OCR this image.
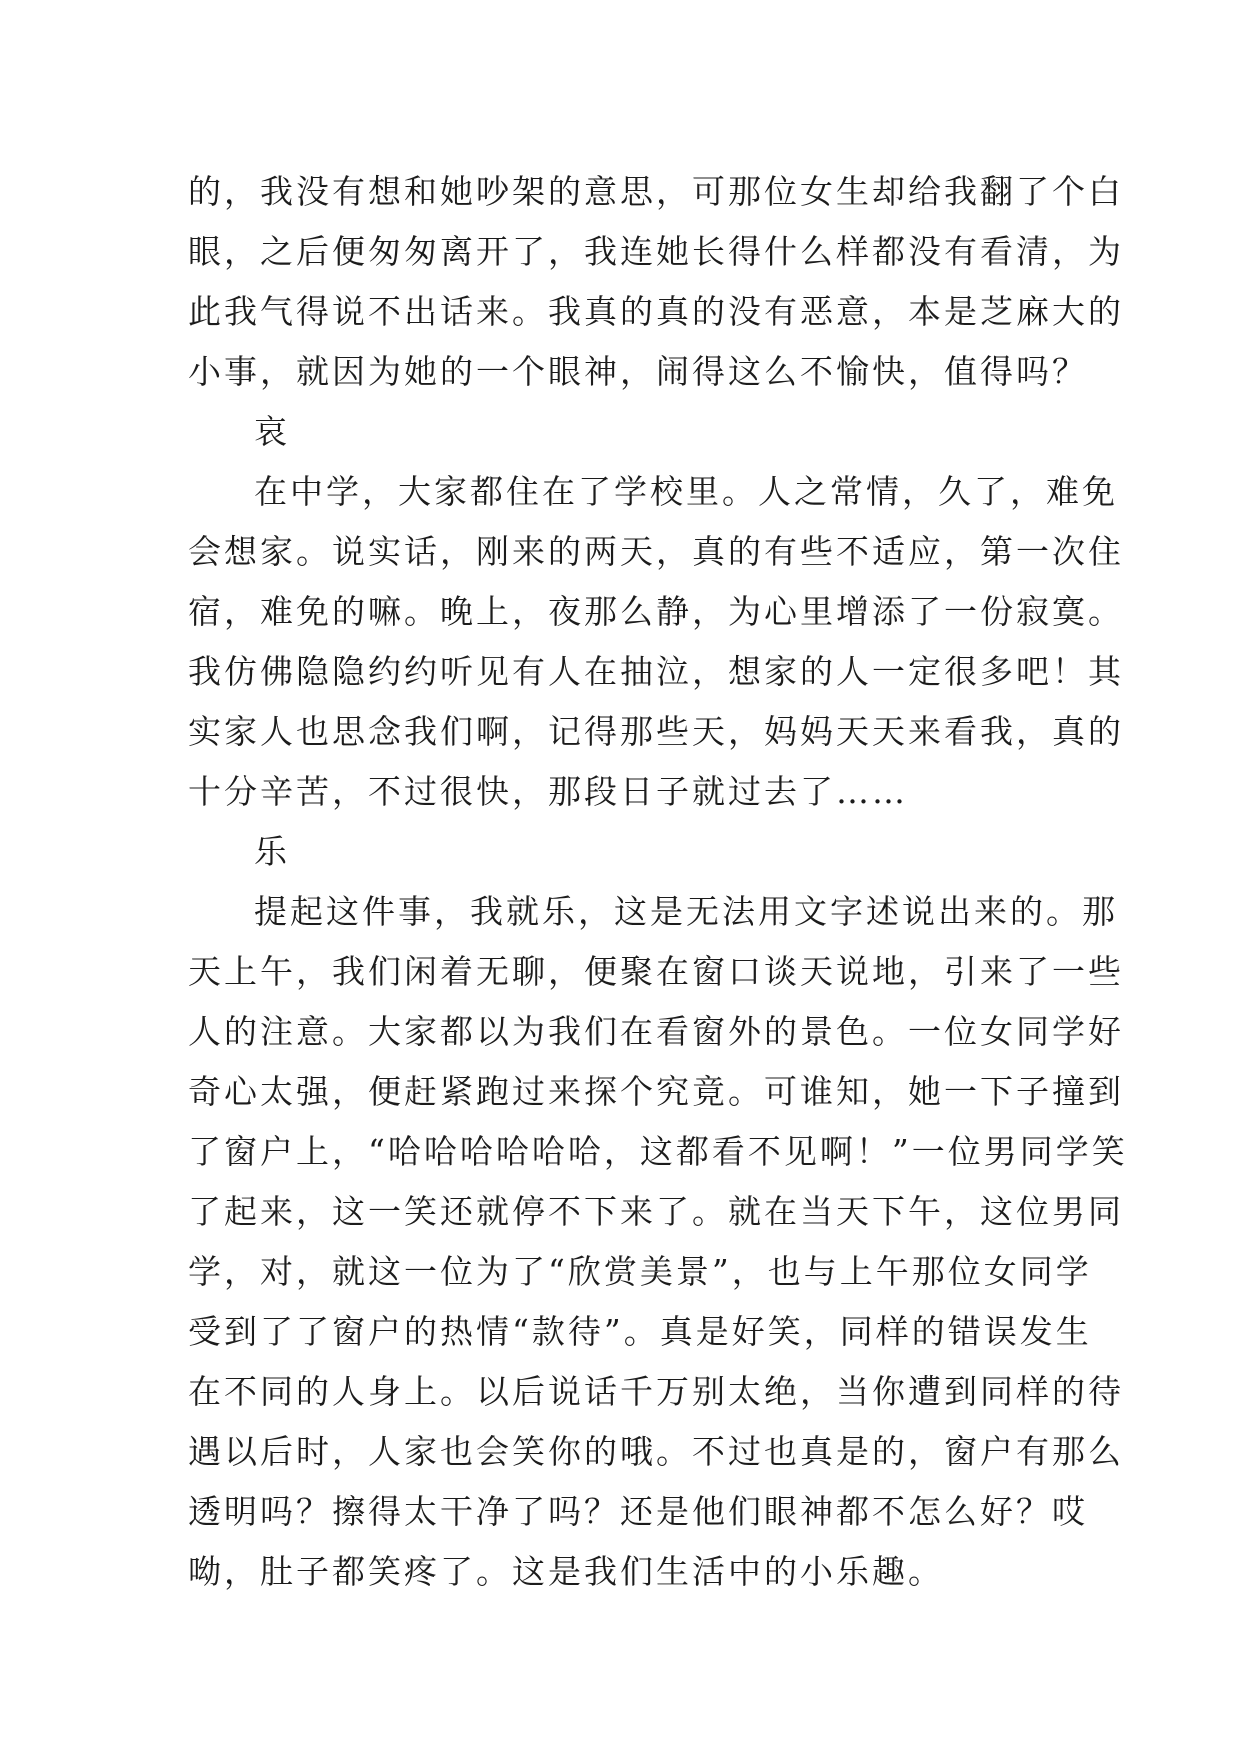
的，我没有想和她吵架的意思，可那位女生却给我翻了个白
眼，之后便匆匆离开了，我连她长得什么样都没有看清，为
此我气得说不出话来。我真的真的没有恶意，本是芝麻大的
小事，就因为她的一个眼神，闹得这么不愉快，值得吗？
哀
在中学，大家都住在了学校里。人之常情，久了，难免
会想家。说实话，刚来的两天，真的有些不适应，第一次住
宿，难免的嘛。晚上，夜那么静，为心里增添了一份寂寞。
我仿佛隐隐约约听见有人在抽泣，想家的人一定很多吧！其
实家人也思念我们啊，记得那些天，妈妈天天来看我，真的
十分辛苦，不过很快，那段日子就过去了……
乐
提起这件事，我就乐，这是无法用文字述说出来的。那
天上午，我们闲着无聊，便聚在窗口谈天说地，引来了一些
人的注意。大家都以为我们在看窗外的景色。一位女同学好
奇心太强，便赶紧跑过来探个究竟。可谁知，她一下子撞到
了窗户上，“哈哈哈哈哈哈，这都看不见啊！”一位男同学笑
了起来，这一笑还就停不下来了。就在当天下午，这位男同
学，对，就这一位为了“欣赏美景”，也与上午那位女同学
受到了了窗户的热情“款待”。真是好笑，同样的错误发生
在不同的人身上。以后说话千万别太绝，当你遭到同样的待
遇以后时，人家也会笑你的哦。不过也真是的，窗户有那么
透明吗？擦得太干净了吗？还是他们眼神都不怎么好？哎
呦，肚子都笑疼了。这是我们生活中的小乐趣。
